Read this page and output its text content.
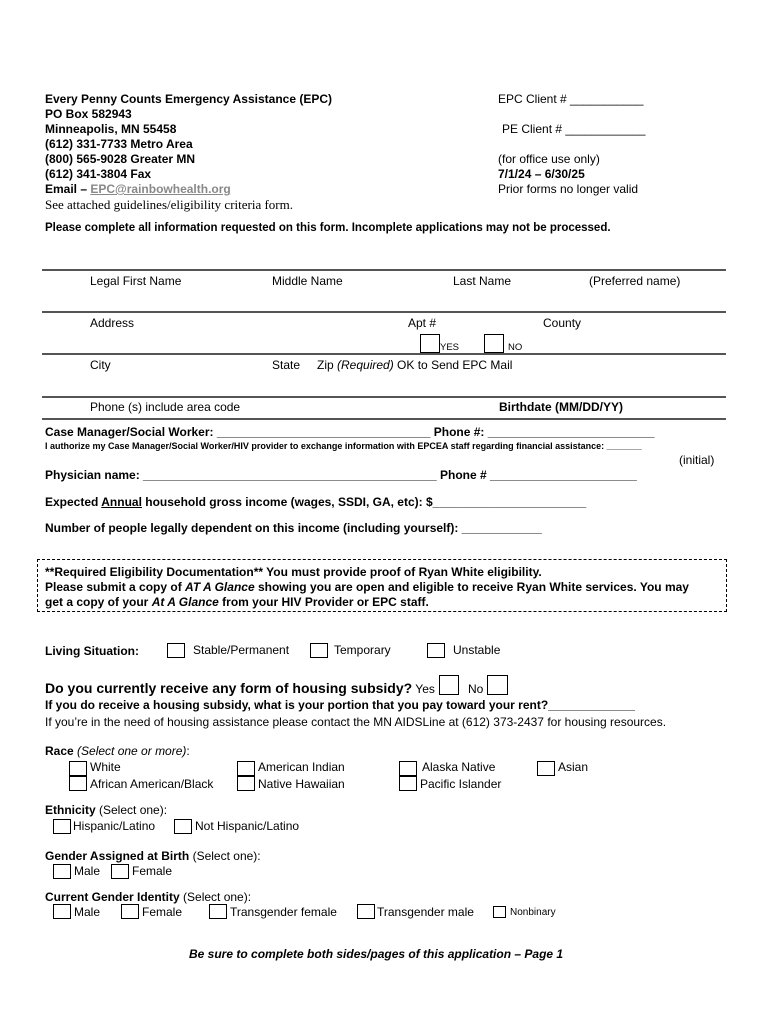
Every Penny Counts Emergency Assistance (EPC)
PO Box 582943
Minneapolis, MN 55458
(612) 331-7733 Metro Area
(800) 565-9028 Greater MN
(612) 341-3804 Fax
Email – EPC@rainbowhealth.org
See attached guidelines/eligibility criteria form.
EPC Client # ___________
PE Client # ____________
(for office use only)
7/1/24 – 6/30/25
Prior forms no longer valid
Please complete all information requested on this form. Incomplete applications may not be processed.
Legal First Name	Middle Name	Last Name	(Preferred name)
Address	Apt #	County
YES	NO
City	State Zip (Required) OK to Send EPC Mail
Phone (s) include area code	Birthdate (MM/DD/YY)
Case Manager/Social Worker: ________________________________ Phone #: _________________________
I authorize my Case Manager/Social Worker/HIV provider to exchange information with EPCEA staff regarding financial assistance: _______
(initial)
Physician name: ____________________________________________ Phone # ______________________
Expected Annual household gross income (wages, SSDI, GA, etc): $_______________________
Number of people legally dependent on this income (including yourself): ____________
**Required Eligibility Documentation** You must provide proof of Ryan White eligibility.
Please submit a copy of AT A Glance showing you are open and eligible to receive Ryan White services. You may
get a copy of your At A Glance from your HIV Provider or EPC staff.
Living Situation:	Stable/Permanent	Temporary	Unstable
Do you currently receive any form of housing subsidy? Yes	No
If you do receive a housing subsidy, what is your portion that you pay toward your rent?_____________
If you’re in the need of housing assistance please contact the MN AIDSLine at (612) 373-2437 for housing resources.
Race (Select one or more):
White	American Indian	Alaska Native	Asian
African American/Black	Native Hawaiian	Pacific Islander
Ethnicity (Select one):
Hispanic/Latino	Not Hispanic/Latino
Gender Assigned at Birth (Select one):
Male	Female
Current Gender Identity (Select one):
Male	Female	Transgender female	Transgender male	Nonbinary
Be sure to complete both sides/pages of this application – Page 1
